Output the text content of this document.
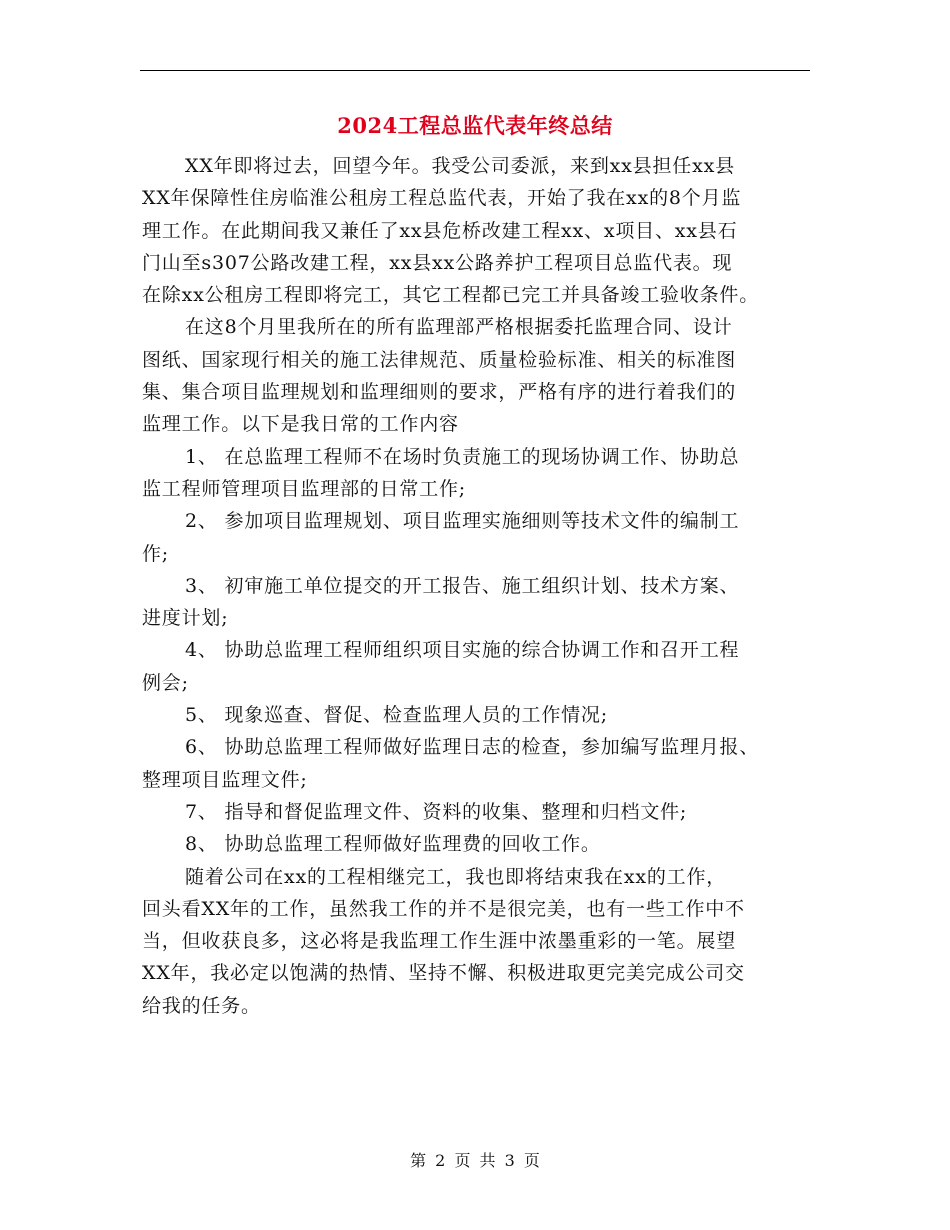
2024工程总监代表年终总结
XX年即将过去，回望今年。我受公司委派，来到xx县担任xx县
XX年保障性住房临淮公租房工程总监代表，开始了我在xx的8个月监
理工作。在此期间我又兼任了xx县危桥改建工程xx、x项目、xx县石
门山至s307公路改建工程，xx县xx公路养护工程项目总监代表。现
在除xx公租房工程即将完工，其它工程都已完工并具备竣工验收条件。
在这8个月里我所在的所有监理部严格根据委托监理合同、设计
图纸、国家现行相关的施工法律规范、质量检验标准、相关的标准图
集、集合项目监理规划和监理细则的要求，严格有序的进行着我们的
监理工作。以下是我日常的工作内容
1、 在总监理工程师不在场时负责施工的现场协调工作、协助总
监工程师管理项目监理部的日常工作;
2、 参加项目监理规划、项目监理实施细则等技术文件的编制工
作;
3、 初审施工单位提交的开工报告、施工组织计划、技术方案、
进度计划;
4、 协助总监理工程师组织项目实施的综合协调工作和召开工程
例会;
5、 现象巡查、督促、检查监理人员的工作情况;
6、 协助总监理工程师做好监理日志的检查，参加编写监理月报、
整理项目监理文件;
7、 指导和督促监理文件、资料的收集、整理和归档文件;
8、 协助总监理工程师做好监理费的回收工作。
随着公司在xx的工程相继完工，我也即将结束我在xx的工作，
回头看XX年的工作，虽然我工作的并不是很完美，也有一些工作中不
当，但收获良多，这必将是我监理工作生涯中浓墨重彩的一笔。展望
XX年，我必定以饱满的热情、坚持不懈、积极进取更完美完成公司交
给我的任务。
第 2 页 共 3 页
